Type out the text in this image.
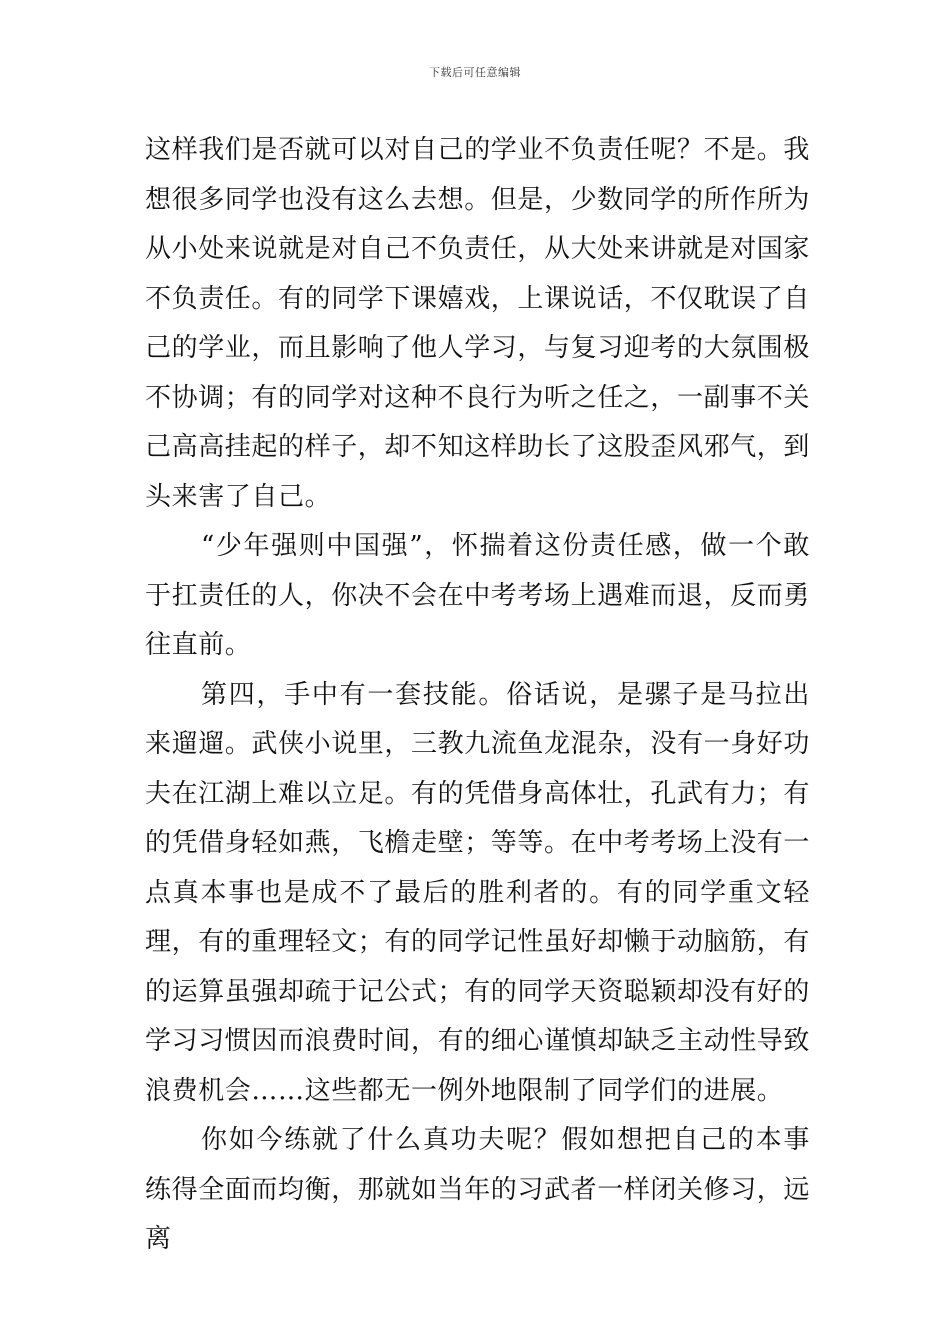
下载后可任意编辑

这样我们是否就可以对自己的学业不负责任呢？不是。我想很多同学也没有这么去想。但是，少数同学的所作所为从小处来说就是对自己不负责任，从大处来讲就是对国家不负责任。有的同学下课嬉戏，上课说话，不仅耽误了自己的学业，而且影响了他人学习，与复习迎考的大氛围极不协调；有的同学对这种不良行为听之任之，一副事不关己高高挂起的样子，却不知这样助长了这股歪风邪气，到头来害了自己。

“少年强则中国强”，怀揣着这份责任感，做一个敢于扛责任的人，你决不会在中考考场上遇难而退，反而勇往直前。

第四，手中有一套技能。俗话说，是骡子是马拉出来遛遛。武侠小说里，三教九流鱼龙混杂，没有一身好功夫在江湖上难以立足。有的凭借身高体壮，孔武有力；有的凭借身轻如燕，飞檐走壁；等等。在中考考场上没有一点真本事也是成不了最后的胜利者的。有的同学重文轻理，有的重理轻文；有的同学记性虽好却懒于动脑筋，有的运算虽强却疏于记公式；有的同学天资聪颖却没有好的学习习惯因而浪费时间，有的细心谨慎却缺乏主动性导致浪费机会……这些都无一例外地限制了同学们的进展。

你如今练就了什么真功夫呢？假如想把自己的本事练得全面而均衡，那就如当年的习武者一样闭关修习，远离
